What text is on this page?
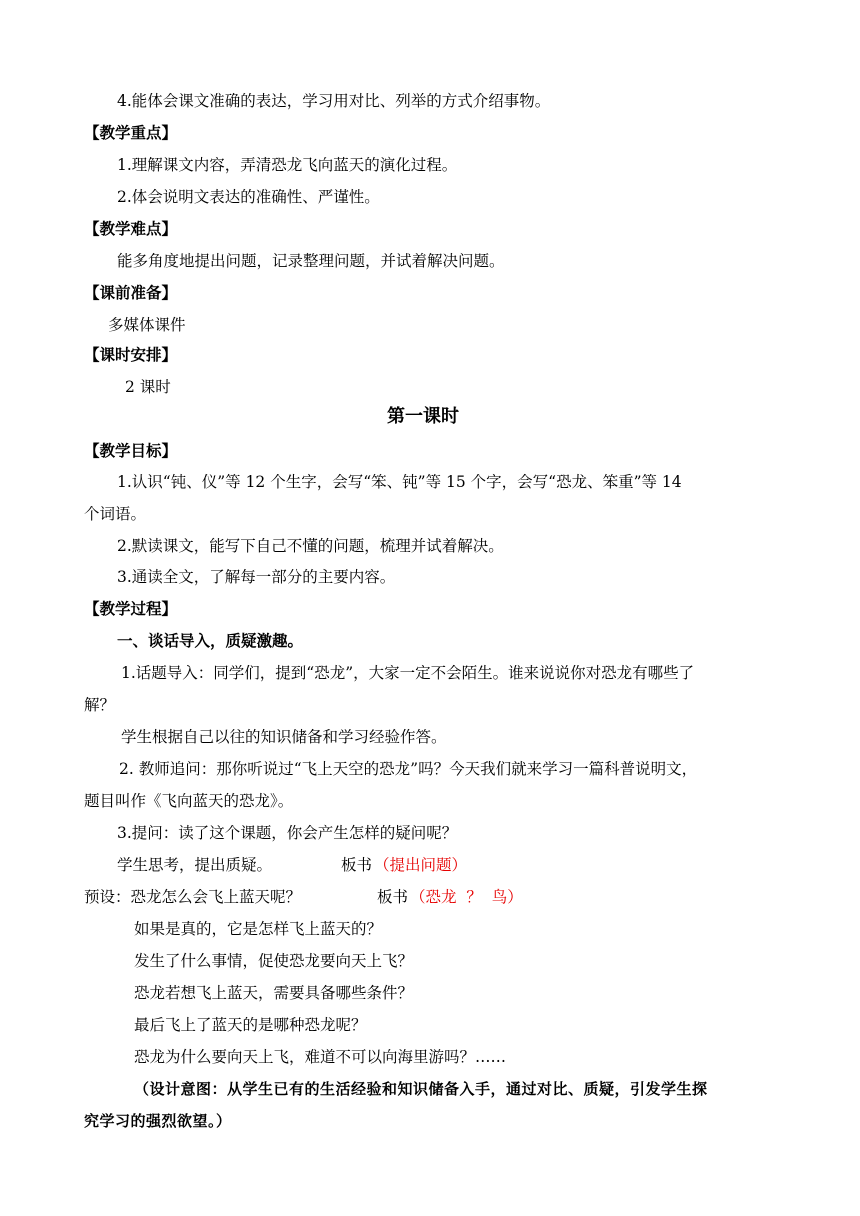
4.能体会课文准确的表达，学习用对比、列举的方式介绍事物。
【教学重点】
1.理解课文内容，弄清恐龙飞向蓝天的演化过程。
2.体会说明文表达的准确性、严谨性。
【教学难点】
能多角度地提出问题，记录整理问题，并试着解决问题。
【课前准备】
多媒体课件
【课时安排】
2 课时
第一课时
【教学目标】
1.认识“钝、仪”等 12 个生字，会写“笨、钝”等 15 个字，会写“恐龙、笨重”等 14
个词语。
2.默读课文，能写下自己不懂的问题，梳理并试着解决。
3.通读全文，了解每一部分的主要内容。
【教学过程】
一、谈话导入，质疑激趣。
1.话题导入：同学们，提到“恐龙”，大家一定不会陌生。谁来说说你对恐龙有哪些了
解？
学生根据自己以往的知识储备和学习经验作答。
2. 教师追问：那你听说过“飞上天空的恐龙”吗？今天我们就来学习一篇科普说明文，
题目叫作《飞向蓝天的恐龙》。
3.提问：读了这个课题，你会产生怎样的疑问呢？
学生思考，提出质疑。	板书 （提出问题）
预设：恐龙怎么会飞上蓝天呢？	板书 （恐龙  ？  鸟）
如果是真的，它是怎样飞上蓝天的？
发生了什么事情，促使恐龙要向天上飞？
恐龙若想飞上蓝天，需要具备哪些条件？
最后飞上了蓝天的是哪种恐龙呢？
恐龙为什么要向天上飞，难道不可以向海里游吗？……
（设计意图：从学生已有的生活经验和知识储备入手，通过对比、质疑，引发学生探
究学习的强烈欲望。）
